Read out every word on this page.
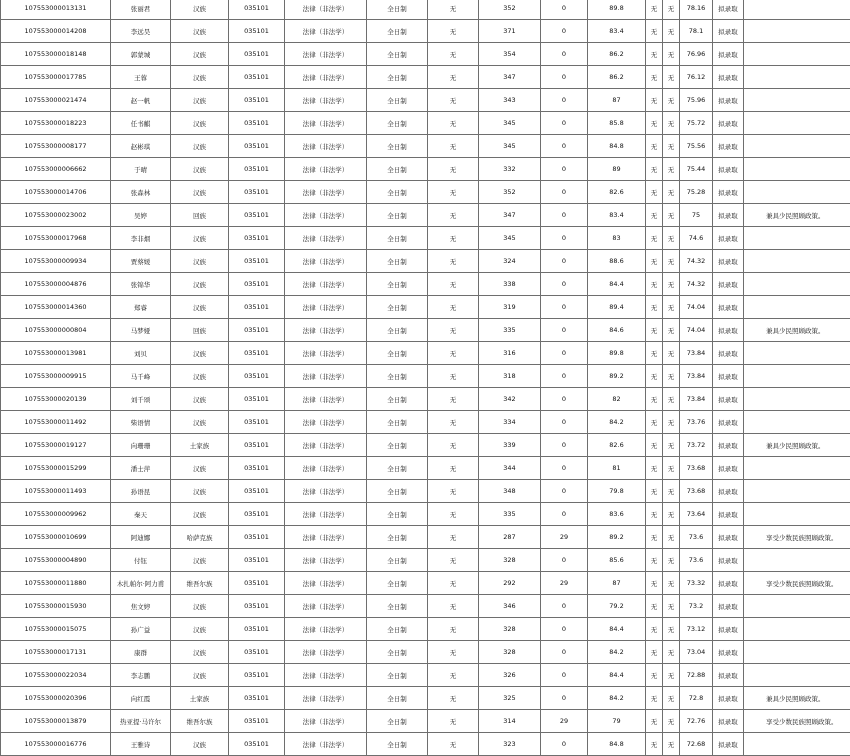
107553000013131	张丽君	汉族	035101	法律（非法学）	全日制	无	352	0	89.8	无	无	78.16	拟录取	
107553000014208	李远昊	汉族	035101	法律（非法学）	全日制	无	371	0	83.4	无	无	78.1	拟录取	
107553000018148	郭蒙城	汉族	035101	法律（非法学）	全日制	无	354	0	86.2	无	无	76.96	拟录取	
107553000017785	王蓉	汉族	035101	法律（非法学）	全日制	无	347	0	86.2	无	无	76.12	拟录取	
107553000021474	赵一帆	汉族	035101	法律（非法学）	全日制	无	343	0	87	无	无	75.96	拟录取	
107553000018223	任书麒	汉族	035101	法律（非法学）	全日制	无	345	0	85.8	无	无	75.72	拟录取	
107553000008177	赵彬琪	汉族	035101	法律（非法学）	全日制	无	345	0	84.8	无	无	75.56	拟录取	
107553000006662	于晴	汉族	035101	法律（非法学）	全日制	无	332	0	89	无	无	75.44	拟录取	
107553000014706	张森林	汉族	035101	法律（非法学）	全日制	无	352	0	82.6	无	无	75.28	拟录取	
107553000023002	吴婷	回族	035101	法律（非法学）	全日制	无	347	0	83.4	无	无	75	拟录取	兼具少民照顾政策。
107553000017968	李非烟	汉族	035101	法律（非法学）	全日制	无	345	0	83	无	无	74.6	拟录取	
107553000009934	贾蔡媛	汉族	035101	法律（非法学）	全日制	无	324	0	88.6	无	无	74.32	拟录取	
107553000004876	张锦华	汉族	035101	法律（非法学）	全日制	无	338	0	84.4	无	无	74.32	拟录取	
107553000014360	郑睿	汉族	035101	法律（非法学）	全日制	无	319	0	89.4	无	无	74.04	拟录取	
107553000000804	马梦娅	回族	035101	法律（非法学）	全日制	无	335	0	84.6	无	无	74.04	拟录取	兼具少民照顾政策。
107553000013981	刘贝	汉族	035101	法律（非法学）	全日制	无	316	0	89.8	无	无	73.84	拟录取	
107553000009915	马千峰	汉族	035101	法律（非法学）	全日制	无	318	0	89.2	无	无	73.84	拟录取	
107553000020139	刘千颂	汉族	035101	法律（非法学）	全日制	无	342	0	82	无	无	73.84	拟录取	
107553000011492	柴语情	汉族	035101	法律（非法学）	全日制	无	334	0	84.2	无	无	73.76	拟录取	
107553000019127	向珊珊	土家族	035101	法律（非法学）	全日制	无	339	0	82.6	无	无	73.72	拟录取	兼具少民照顾政策。
107553000015299	潘士萍	汉族	035101	法律（非法学）	全日制	无	344	0	81	无	无	73.68	拟录取	
107553000011493	孙语昆	汉族	035101	法律（非法学）	全日制	无	348	0	79.8	无	无	73.68	拟录取	
107553000009962	秦天	汉族	035101	法律（非法学）	全日制	无	335	0	83.6	无	无	73.64	拟录取	
107553000010699	阿迪娜	哈萨克族	035101	法律（非法学）	全日制	无	287	29	89.2	无	无	73.6	拟录取	享受少数民族照顾政策。
107553000004890	付钰	汉族	035101	法律（非法学）	全日制	无	328	0	85.6	无	无	73.6	拟录取	
107553000011880	木扎帕尔·阿力甫	维吾尔族	035101	法律（非法学）	全日制	无	292	29	87	无	无	73.32	拟录取	享受少数民族照顾政策。
107553000015930	焦文婷	汉族	035101	法律（非法学）	全日制	无	346	0	79.2	无	无	73.2	拟录取	
107553000015075	孙广益	汉族	035101	法律（非法学）	全日制	无	328	0	84.4	无	无	73.12	拟录取	
107553000017131	康群	汉族	035101	法律（非法学）	全日制	无	328	0	84.2	无	无	73.04	拟录取	
107553000022034	李志鹏	汉族	035101	法律（非法学）	全日制	无	326	0	84.4	无	无	72.88	拟录取	
107553000020396	向红霞	土家族	035101	法律（非法学）	全日制	无	325	0	84.2	无	无	72.8	拟录取	兼具少民照顾政策。
107553000013879	热亚提·马许尔	维吾尔族	035101	法律（非法学）	全日制	无	314	29	79	无	无	72.76	拟录取	享受少数民族照顾政策。
107553000016776	王雅诗	汉族	035101	法律（非法学）	全日制	无	323	0	84.8	无	无	72.68	拟录取	
